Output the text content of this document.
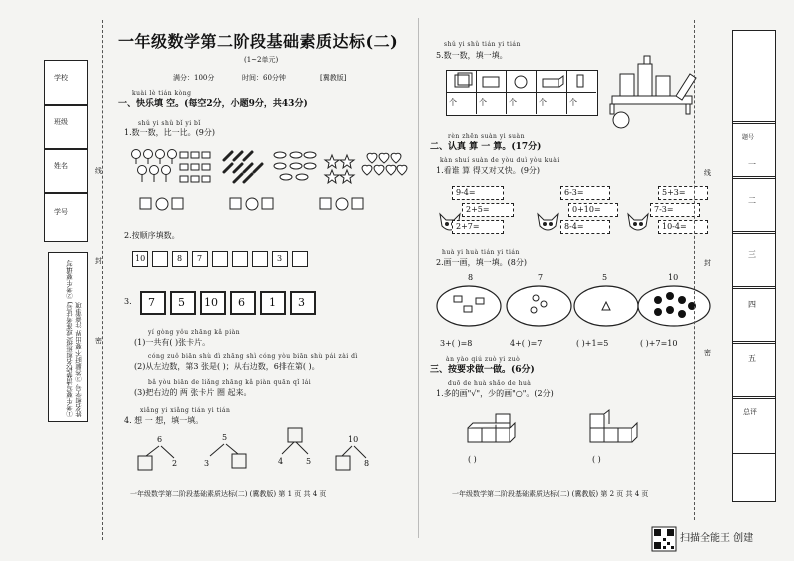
学校
班级
姓名
学号
线
封
密
①考生要写清楚校名和班级(或准考证号) ②考生要填写姓名和学号 ③答题时不要出界 注意事项
一年级数学第二阶段基础素质达标(二)
(1~2单元)
满分：100分	时间：60分钟	[冀教版]
kuài lè tián kòng
一、快乐填 空。(每空2分，小题9分，共43分)
shǔ yi shǔ bǐ yi bǐ
1.数一数，比一比。(9分)
2.按顺序填数。
10	8 7	3
3. 7 5 10 6 1 3
yí gòng yǒu zhāng kǎ piàn
(1)一共有( )张卡片。
cóng zuǒ biān shù dì zhāng shì cóng yòu biān shù pái zài dì
(2)从左边数，第3 张是( )；从右边数，6排在第( )。
bǎ yòu biān de liǎng zhāng kǎ piàn quān qǐ lái
(3)把右边的 两 张卡片 圈 起来。
xiǎng yi xiǎng tián yi tián
4. 想 一 想，填一填。
6
2
5
3	4	5
10
8
一年级数学第二阶段基础素质达标(二) (冀教版) 第 1 页 共 4 页
shǔ yi shǔ tián yi tián
5.数一数，填一填。
个	个	个	个	个
rèn zhēn suàn yi suàn
二、认真 算 一 算。(17分)
kàn shuí suàn de yòu duì yòu kuài
1.看谁 算 得又对又快。(9分)
9-4=
2+5=
2+7=
6-3=
0+10=
8-4=
5+3=
7-3=
10-4=
huà yi huà tián yi tián
2.画一画，填一填。(8分)
8	7	5	10
3+( )=8	4+( )=7	( )+1=5	( )+7=10
àn yào qiú zuò yi zuò
三、按要求做一做。(6分)
duō de huà shǎo de huà
1.多的画"√"，少的画"○"。(2分)
( )	( )
一年级数学第二阶段基础素质达标(二) (冀教版) 第 2 页 共 4 页
线
封
密
题号
一
二
三
四
五
总评
扫描全能王 创建
